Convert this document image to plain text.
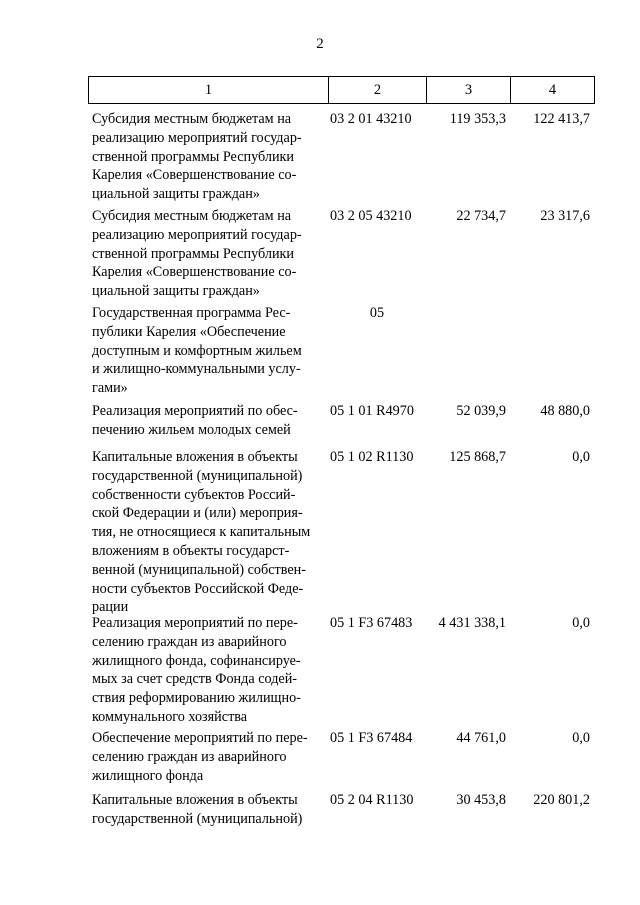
2
1	2	3	4
Субсидия местным бюджетам на
реализацию мероприятий государ-
ственной программы Республики
Карелия «Совершенствование со-
циальной защиты граждан»
03 2 01 43210	119 353,3	122 413,7
Субсидия местным бюджетам на
реализацию мероприятий государ-
ственной программы Республики
Карелия «Совершенствование со-
циальной защиты граждан»
03 2 05 43210	22 734,7	23 317,6
Государственная программа Рес-
публики Карелия «Обеспечение
доступным и комфортным жильем
и жилищно-коммунальными услу-
гами»
05
Реализация мероприятий по обес-
печению жильем молодых семей
05 1 01 R4970	52 039,9	48 880,0
Капитальные вложения в объекты
государственной (муниципальной)
собственности субъектов Россий-
ской Федерации и (или) мероприя-
тия, не относящиеся к капитальным
вложениям в объекты государст-
венной (муниципальной) собствен-
ности субъектов Российской Феде-
рации
05 1 02 R1130	125 868,7	0,0
Реализация мероприятий по пере-
селению граждан из аварийного
жилищного фонда, софинансируе-
мых за счет средств Фонда содей-
ствия реформированию жилищно-
коммунального хозяйства
05 1 F3 67483	4 431 338,1	0,0
Обеспечение мероприятий по пере-
селению граждан из аварийного
жилищного фонда
05 1 F3 67484	44 761,0	0,0
Капитальные вложения в объекты
государственной (муниципальной)
05 2 04 R1130	30 453,8	220 801,2
